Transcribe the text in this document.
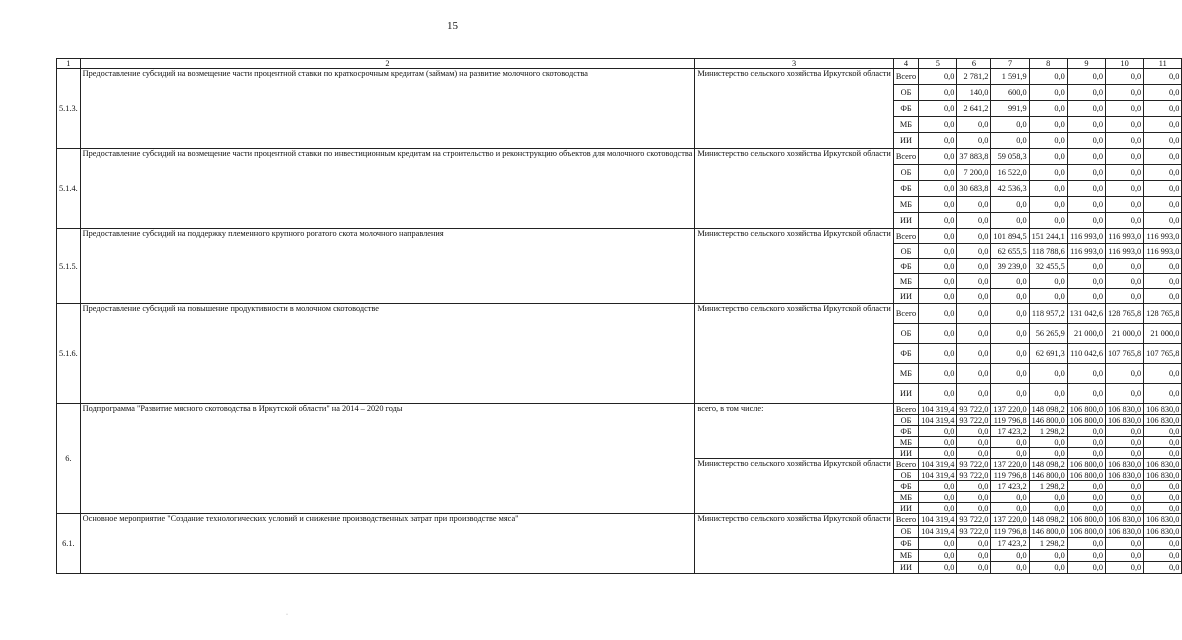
15
1	2	3	4	5	6	7	8	9	10	11
5.1.3.	Предоставление субсидий на возмещение части процентной ставки по краткосрочным кредитам (займам) на развитие молочного скотоводства	Министерство сельского хозяйства Иркутской области	Всего	0,0	2 781,2	1 591,9	0,0	0,0	0,0	0,0
			ОБ	0,0	140,0	600,0	0,0	0,0	0,0	0,0
			ФБ	0,0	2 641,2	991,9	0,0	0,0	0,0	0,0
			МБ	0,0	0,0	0,0	0,0	0,0	0,0	0,0
			ИИ	0,0	0,0	0,0	0,0	0,0	0,0	0,0
5.1.4.	Предоставление субсидий на возмещение части процентной ставки по инвестиционным кредитам на строительство и реконструкцию объектов для молочного скотоводства	Министерство сельского хозяйства Иркутской области	Всего	0,0	37 883,8	59 058,3	0,0	0,0	0,0	0,0
			ОБ	0,0	7 200,0	16 522,0	0,0	0,0	0,0	0,0
			ФБ	0,0	30 683,8	42 536,3	0,0	0,0	0,0	0,0
			МБ	0,0	0,0	0,0	0,0	0,0	0,0	0,0
			ИИ	0,0	0,0	0,0	0,0	0,0	0,0	0,0
5.1.5.	Предоставление субсидий на поддержку племенного крупного рогатого скота молочного направления	Министерство сельского хозяйства Иркутской области	Всего	0,0	0,0	101 894,5	151 244,1	116 993,0	116 993,0	116 993,0
			ОБ	0,0	0,0	62 655,5	118 788,6	116 993,0	116 993,0	116 993,0
			ФБ	0,0	0,0	39 239,0	32 455,5	0,0	0,0	0,0
			МБ	0,0	0,0	0,0	0,0	0,0	0,0	0,0
			ИИ	0,0	0,0	0,0	0,0	0,0	0,0	0,0
5.1.6.	Предоставление субсидий на повышение продуктивности в молочном скотоводстве	Министерство сельского хозяйства Иркутской области	Всего	0,0	0,0	0,0	118 957,2	131 042,6	128 765,8	128 765,8
			ОБ	0,0	0,0	0,0	56 265,9	21 000,0	21 000,0	21 000,0
			ФБ	0,0	0,0	0,0	62 691,3	110 042,6	107 765,8	107 765,8
			МБ	0,0	0,0	0,0	0,0	0,0	0,0	0,0
			ИИ	0,0	0,0	0,0	0,0	0,0	0,0	0,0
6.	Подпрограмма "Развитие мясного скотоводства в Иркутской области" на 2014 – 2020 годы	всего, в том числе:	Всего	104 319,4	93 722,0	137 220,0	148 098,2	106 800,0	106 830,0	106 830,0
			ОБ	104 319,4	93 722,0	119 796,8	146 800,0	106 800,0	106 830,0	106 830,0
			ФБ	0,0	0,0	17 423,2	1 298,2	0,0	0,0	0,0
			МБ	0,0	0,0	0,0	0,0	0,0	0,0	0,0
			ИИ	0,0	0,0	0,0	0,0	0,0	0,0	0,0
		Министерство сельского хозяйства Иркутской области	Всего	104 319,4	93 722,0	137 220,0	148 098,2	106 800,0	106 830,0	106 830,0
			ОБ	104 319,4	93 722,0	119 796,8	146 800,0	106 800,0	106 830,0	106 830,0
			ФБ	0,0	0,0	17 423,2	1 298,2	0,0	0,0	0,0
			МБ	0,0	0,0	0,0	0,0	0,0	0,0	0,0
			ИИ	0,0	0,0	0,0	0,0	0,0	0,0	0,0
6.1.	Основное мероприятие "Создание технологических условий и снижение производственных затрат при производстве мяса"	Министерство сельского хозяйства Иркутской области	Всего	104 319,4	93 722,0	137 220,0	148 098,2	106 800,0	106 830,0	106 830,0
			ОБ	104 319,4	93 722,0	119 796,8	146 800,0	106 800,0	106 830,0	106 830,0
			ФБ	0,0	0,0	17 423,2	1 298,2	0,0	0,0	0,0
			МБ	0,0	0,0	0,0	0,0	0,0	0,0	0,0
			ИИ	0,0	0,0	0,0	0,0	0,0	0,0	0,0
·
